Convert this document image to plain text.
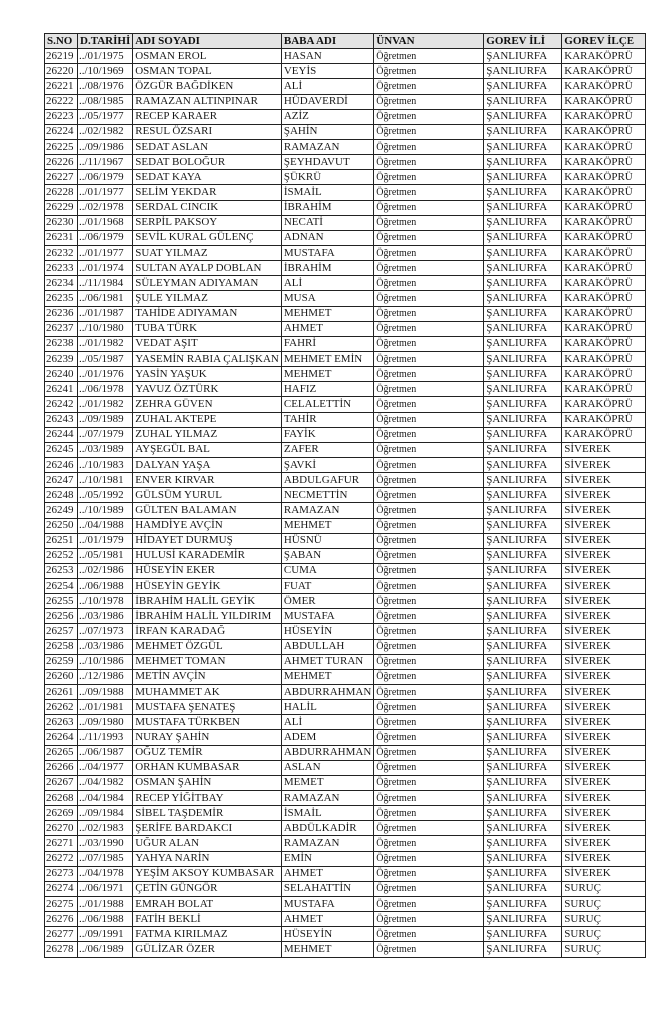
S.NO	D.TARİHİ	ADI SOYADI	BABA ADI	ÜNVAN	GOREV İLİ	GOREV İLÇE
26219	../01/1975	OSMAN EROL	HASAN	Öğretmen	ŞANLIURFA	KARAKÖPRÜ
26220	../10/1969	OSMAN TOPAL	VEYİS	Öğretmen	ŞANLIURFA	KARAKÖPRÜ
26221	../08/1976	ÖZGÜR BAĞDİKEN	ALİ	Öğretmen	ŞANLIURFA	KARAKÖPRÜ
26222	../08/1985	RAMAZAN ALTINPINAR	HÜDAVERDİ	Öğretmen	ŞANLIURFA	KARAKÖPRÜ
26223	../05/1977	RECEP KARAER	AZİZ	Öğretmen	ŞANLIURFA	KARAKÖPRÜ
26224	../02/1982	RESUL ÖZSARI	ŞAHİN	Öğretmen	ŞANLIURFA	KARAKÖPRÜ
26225	../09/1986	SEDAT ASLAN	RAMAZAN	Öğretmen	ŞANLIURFA	KARAKÖPRÜ
26226	../11/1967	SEDAT BOLOĞUR	ŞEYHDAVUT	Öğretmen	ŞANLIURFA	KARAKÖPRÜ
26227	../06/1979	SEDAT KAYA	ŞÜKRÜ	Öğretmen	ŞANLIURFA	KARAKÖPRÜ
26228	../01/1977	SELİM YEKDAR	İSMAİL	Öğretmen	ŞANLIURFA	KARAKÖPRÜ
26229	../02/1978	SERDAL CINCIK	İBRAHİM	Öğretmen	ŞANLIURFA	KARAKÖPRÜ
26230	../01/1968	SERPİL PAKSOY	NECATİ	Öğretmen	ŞANLIURFA	KARAKÖPRÜ
26231	../06/1979	SEVİL KURAL GÜLENÇ	ADNAN	Öğretmen	ŞANLIURFA	KARAKÖPRÜ
26232	../01/1977	SUAT YILMAZ	MUSTAFA	Öğretmen	ŞANLIURFA	KARAKÖPRÜ
26233	../01/1974	SULTAN AYALP DOBLAN	İBRAHİM	Öğretmen	ŞANLIURFA	KARAKÖPRÜ
26234	../11/1984	SÜLEYMAN ADIYAMAN	ALİ	Öğretmen	ŞANLIURFA	KARAKÖPRÜ
26235	../06/1981	ŞULE YILMAZ	MUSA	Öğretmen	ŞANLIURFA	KARAKÖPRÜ
26236	../01/1987	TAHİDE ADIYAMAN	MEHMET	Öğretmen	ŞANLIURFA	KARAKÖPRÜ
26237	../10/1980	TUBA TÜRK	AHMET	Öğretmen	ŞANLIURFA	KARAKÖPRÜ
26238	../01/1982	VEDAT AŞIT	FAHRİ	Öğretmen	ŞANLIURFA	KARAKÖPRÜ
26239	../05/1987	YASEMİN RABIA ÇALIŞKAN	MEHMET EMİN	Öğretmen	ŞANLIURFA	KARAKÖPRÜ
26240	../01/1976	YASİN YAŞUK	MEHMET	Öğretmen	ŞANLIURFA	KARAKÖPRÜ
26241	../06/1978	YAVUZ ÖZTÜRK	HAFIZ	Öğretmen	ŞANLIURFA	KARAKÖPRÜ
26242	../01/1982	ZEHRA GÜVEN	CELALETTİN	Öğretmen	ŞANLIURFA	KARAKÖPRÜ
26243	../09/1989	ZUHAL AKTEPE	TAHİR	Öğretmen	ŞANLIURFA	KARAKÖPRÜ
26244	../07/1979	ZUHAL YILMAZ	FAYİK	Öğretmen	ŞANLIURFA	KARAKÖPRÜ
26245	../03/1989	AYŞEGÜL BAL	ZAFER	Öğretmen	ŞANLIURFA	SİVEREK
26246	../10/1983	DALYAN YAŞA	ŞAVKİ	Öğretmen	ŞANLIURFA	SİVEREK
26247	../10/1981	ENVER KIRVAR	ABDULGAFUR	Öğretmen	ŞANLIURFA	SİVEREK
26248	../05/1992	GÜLSÜM YURUL	NECMETTİN	Öğretmen	ŞANLIURFA	SİVEREK
26249	../10/1989	GÜLTEN BALAMAN	RAMAZAN	Öğretmen	ŞANLIURFA	SİVEREK
26250	../04/1988	HAMDİYE AVÇİN	MEHMET	Öğretmen	ŞANLIURFA	SİVEREK
26251	../01/1979	HİDAYET DURMUŞ	HÜSNÜ	Öğretmen	ŞANLIURFA	SİVEREK
26252	../05/1981	HULUSİ KARADEMİR	ŞABAN	Öğretmen	ŞANLIURFA	SİVEREK
26253	../02/1986	HÜSEYİN EKER	CUMA	Öğretmen	ŞANLIURFA	SİVEREK
26254	../06/1988	HÜSEYİN GEYİK	FUAT	Öğretmen	ŞANLIURFA	SİVEREK
26255	../10/1978	İBRAHİM HALİL GEYİK	ÖMER	Öğretmen	ŞANLIURFA	SİVEREK
26256	../03/1986	İBRAHİM HALİL YILDIRIM	MUSTAFA	Öğretmen	ŞANLIURFA	SİVEREK
26257	../07/1973	İRFAN KARADAĞ	HÜSEYİN	Öğretmen	ŞANLIURFA	SİVEREK
26258	../03/1986	MEHMET ÖZGÜL	ABDULLAH	Öğretmen	ŞANLIURFA	SİVEREK
26259	../10/1986	MEHMET TOMAN	AHMET TURAN	Öğretmen	ŞANLIURFA	SİVEREK
26260	../12/1986	METİN AVÇİN	MEHMET	Öğretmen	ŞANLIURFA	SİVEREK
26261	../09/1988	MUHAMMET AK	ABDURRAHMAN	Öğretmen	ŞANLIURFA	SİVEREK
26262	../01/1981	MUSTAFA ŞENATEŞ	HALİL	Öğretmen	ŞANLIURFA	SİVEREK
26263	../09/1980	MUSTAFA TÜRKBEN	ALİ	Öğretmen	ŞANLIURFA	SİVEREK
26264	../11/1993	NURAY ŞAHİN	ADEM	Öğretmen	ŞANLIURFA	SİVEREK
26265	../06/1987	OĞUZ TEMİR	ABDURRAHMAN	Öğretmen	ŞANLIURFA	SİVEREK
26266	../04/1977	ORHAN KUMBASAR	ASLAN	Öğretmen	ŞANLIURFA	SİVEREK
26267	../04/1982	OSMAN ŞAHİN	MEMET	Öğretmen	ŞANLIURFA	SİVEREK
26268	../04/1984	RECEP YİĞİTBAY	RAMAZAN	Öğretmen	ŞANLIURFA	SİVEREK
26269	../09/1984	SİBEL TAŞDEMİR	İSMAİL	Öğretmen	ŞANLIURFA	SİVEREK
26270	../02/1983	ŞERİFE BARDAKCI	ABDÜLKADİR	Öğretmen	ŞANLIURFA	SİVEREK
26271	../03/1990	UĞUR ALAN	RAMAZAN	Öğretmen	ŞANLIURFA	SİVEREK
26272	../07/1985	YAHYA NARİN	EMİN	Öğretmen	ŞANLIURFA	SİVEREK
26273	../04/1978	YEŞİM AKSOY KUMBASAR	AHMET	Öğretmen	ŞANLIURFA	SİVEREK
26274	../06/1971	ÇETİN GÜNGÖR	SELAHATTİN	Öğretmen	ŞANLIURFA	SURUÇ
26275	../01/1988	EMRAH BOLAT	MUSTAFA	Öğretmen	ŞANLIURFA	SURUÇ
26276	../06/1988	FATİH BEKLİ	AHMET	Öğretmen	ŞANLIURFA	SURUÇ
26277	../09/1991	FATMA KIRILMAZ	HÜSEYİN	Öğretmen	ŞANLIURFA	SURUÇ
26278	../06/1989	GÜLİZAR ÖZER	MEHMET	Öğretmen	ŞANLIURFA	SURUÇ
